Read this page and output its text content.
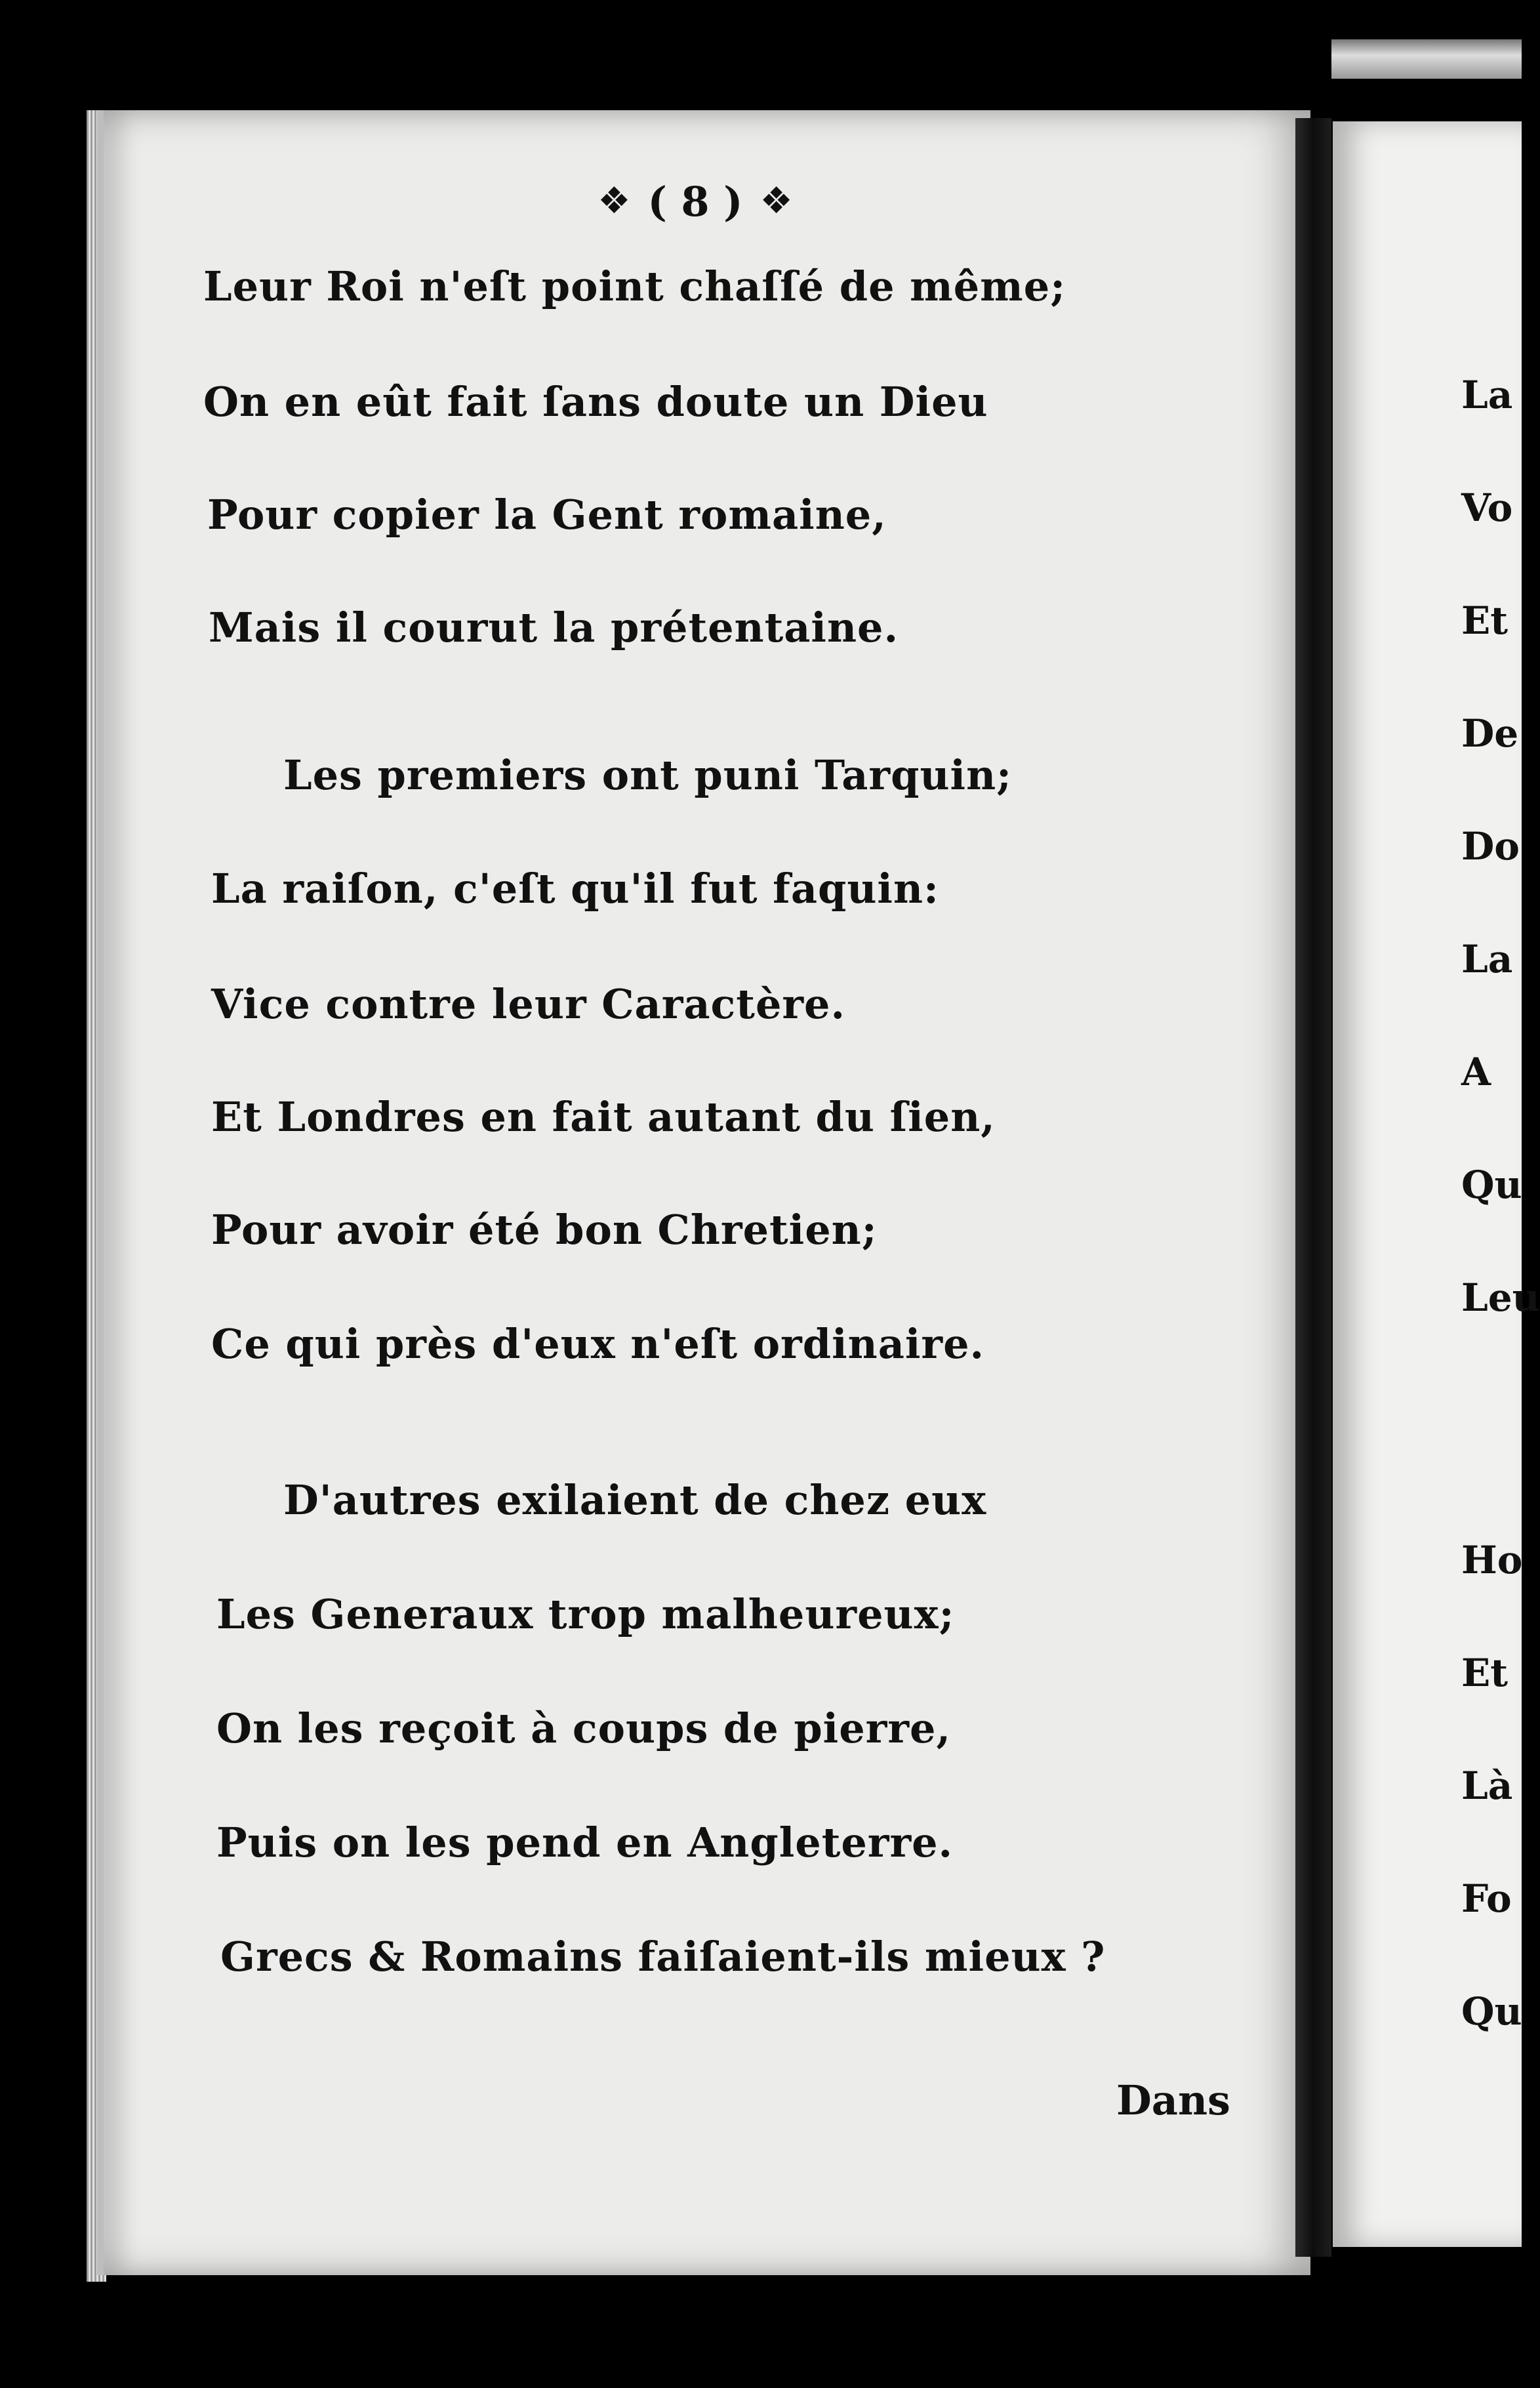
❖ ( 8 ) ❖
Leur Roi n'eſt point chaſſé de même;
On en eût fait ſans doute un Dieu
Pour copier la Gent romaine,
Mais il courut la prétentaine.
Les premiers ont puni Tarquin;
La raiſon, c'eſt qu'il fut faquin:
Vice contre leur Caractère.
Et Londres en fait autant du ſien,
Pour avoir été bon Chretien;
Ce qui près d'eux n'eſt ordinaire.
D'autres exilaient de chez eux
Les Generaux trop malheureux;
On les reçoit à coups de pierre,
Puis on les pend en Angleterre.
Grecs & Romains faiſaient-ils mieux ?
Dans
La
Vo
Et
De
Do
La
A
Qu
Leu
Ho
Et
Là
Fo
Qu
